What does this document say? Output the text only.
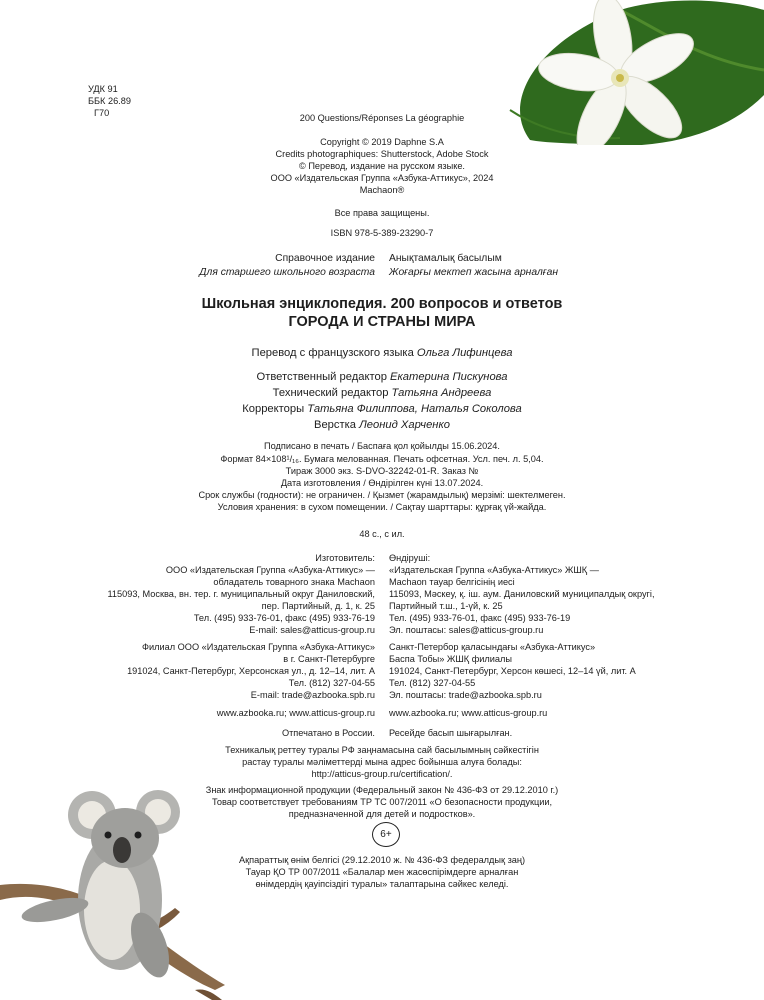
УДК 91
ББК 26.89
Г70	200 Questions/Réponses La géographie
Copyright © 2019 Daphne S.A
Credits photographiques: Shutterstock, Adobe Stock
© Перевод, издание на русском языке.
ООО «Издательская Группа «Азбука-Аттикус», 2024
Machaon®
Все права защищены.
ISBN 978-5-389-23290-7
Справочное издание
Для старшего школьного возраста
Анықтамалық басылым
Жоғарғы мектеп жасына арналған
Школьная энциклопедия. 200 вопросов и ответов
ГОРОДА И СТРАНЫ МИРА
Перевод с французского языка Ольга Лифинцева
Ответственный редактор Екатерина Пискунова
Технический редактор Татьяна Андреева
Корректоры Татьяна Филиппова, Наталья Соколова
Верстка Леонид Харченко
Подписано в печать / Баспаға қол қойылды 15.06.2024.
Формат 84×108¹/₁₆. Бумага мелованная. Печать офсетная. Усл. печ. л. 5,04.
Тираж 3000 экз. S-DVO-32242-01-R. Заказ №
Дата изготовления / Өндірілген күні 13.07.2024.
Срок службы (годности): не ограничен. / Қызмет (жарамдылық) мерзімі: шектелмеген.
Условия хранения: в сухом помещении. / Сақтау шарттары: құрғақ үй-жайда.
48 с., с ил.
Изготовитель:
ООО «Издательская Группа «Азбука-Аттикус» —
обладатель товарного знака Machaon
115093, Москва, вн. тер. г. муниципальный округ Даниловский,
пер. Партийный, д. 1, к. 25
Тел. (495) 933-76-01, факс (495) 933-76-19
E-mail: sales@atticus-group.ru
Өндіруші:
«Издательская Группа «Азбука-Аттикус» ЖШҚ —
Machaon тауар белгісінің иесі
115093, Мәскеу, қ. іш. аум. Даниловский муниципалдық округі,
Партийный т.ш., 1-үй, к. 25
Тел. (495) 933-76-01, факс (495) 933-76-19
Эл. поштасы: sales@atticus-group.ru
Филиал ООО «Издательская Группа «Азбука-Аттикус»
в г. Санкт-Петербурге
191024, Санкт-Петербург, Херсонская ул., д. 12–14, лит. А
Тел. (812) 327-04-55
E-mail: trade@azbooka.spb.ru
Санкт-Петербор қаласындағы «Азбука-Аттикус»
Баспа Тобы» ЖШҚ филиалы
191024, Санкт-Петербург, Херсон көшесі, 12–14 үй, лит. А
Тел. (812) 327-04-55
Эл. поштасы: trade@azbooka.spb.ru
www.azbooka.ru; www.atticus-group.ru www.azbooka.ru; www.atticus-group.ru
Отпечатано в России. Ресейде басып шығарылған.
Техникалық реттеу туралы РФ заңнамасына сай басылымның сәйкестігін
растау туралы мәліметтерді мына адрес бойынша алуға болады:
http://atticus-group.ru/certification/.
Знак информационной продукции (Федеральный закон № 436-ФЗ от 29.12.2010 г.)
Товар соответствует требованиям ТР ТС 007/2011 «О безопасности продукции,
предназначенной для детей и подростков».
6+
Ақпараттық өнім белгісі (29.12.2010 ж. № 436-ФЗ федералдық заң)
Тауар ҚО ТР 007/2011 «Балалар мен жасөспірімдерге арналған
өнімдердің қауіпсіздігі туралы» талаптарына сәйкес келеді.
